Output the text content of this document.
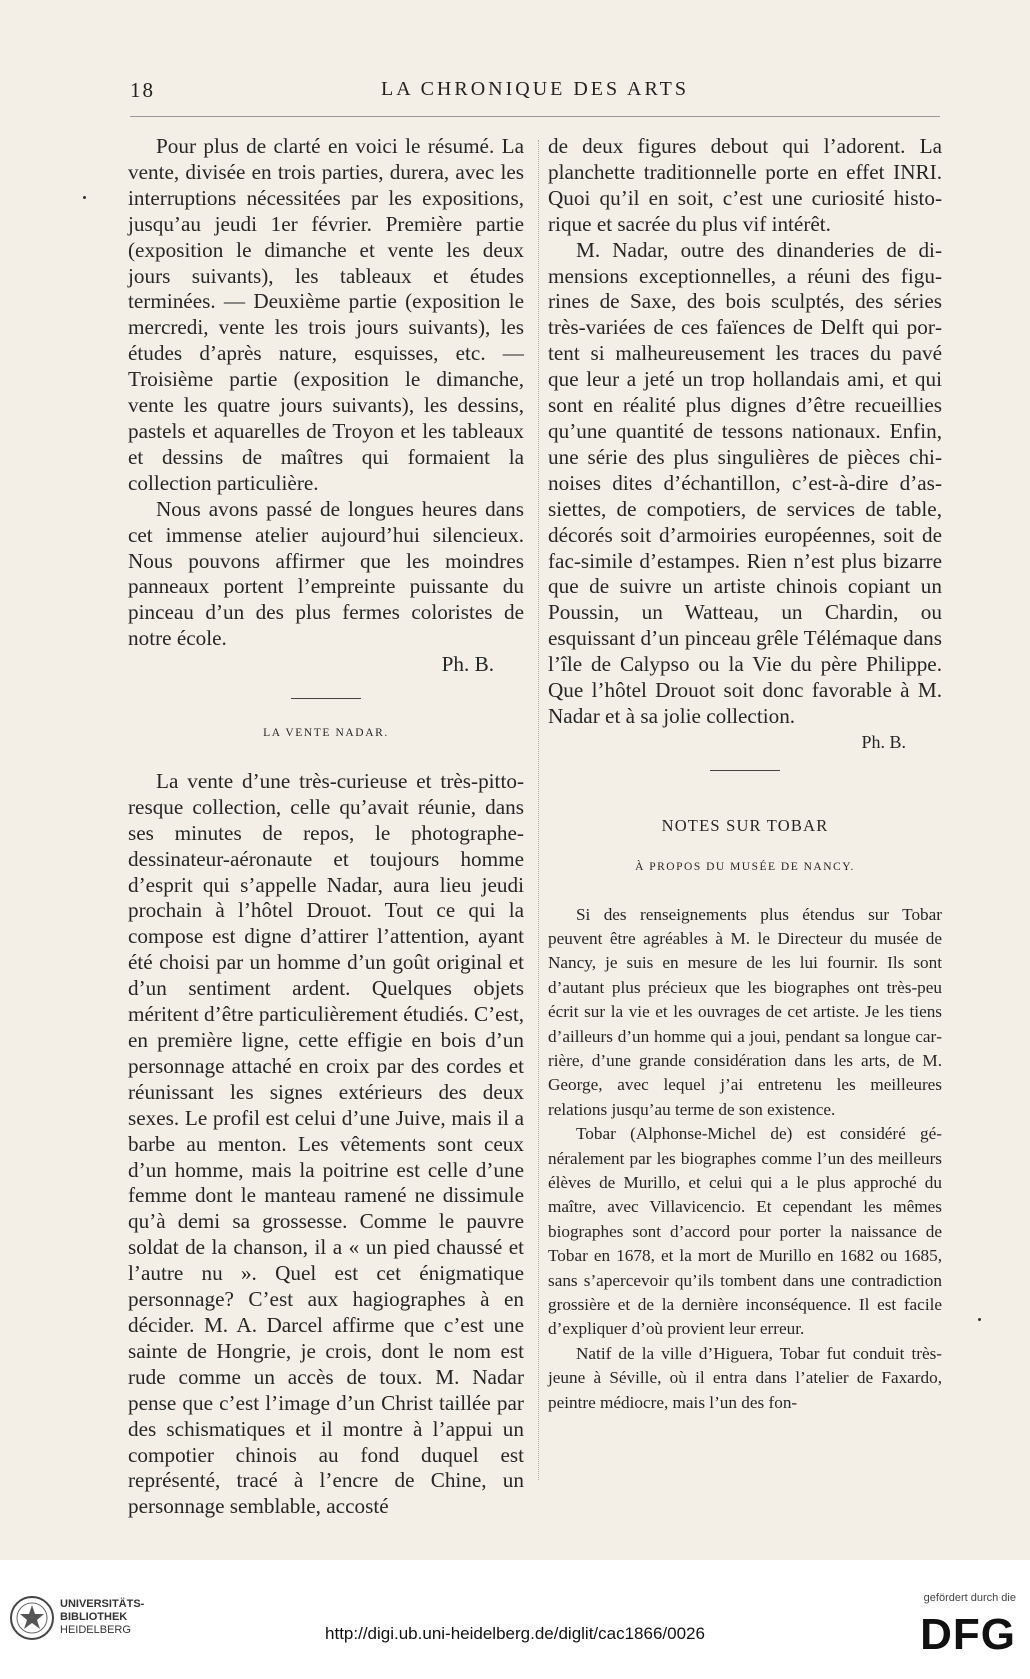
18	LA CHRONIQUE DES ARTS

Pour plus de clarté en voici le résumé. La vente, divisée en trois parties, durera, avec les interruptions nécessitées par les expositions, jusqu’au jeudi 1er février. Première partie (exposition le dimanche et vente les deux jours suivants), les tableaux et études terminées. — Deuxième partie (exposition le mercredi, vente les trois jours suivants), les études d’après nature, esquisses, etc. — Troisième partie (exposition le dimanche, vente les quatre jours suivants), les dessins, pastels et aquarelles de Troyon et les tableaux et dessins de maîtres qui formaient la collection particulière.

Nous avons passé de longues heures dans cet immense atelier aujourd’hui silencieux. Nous pouvons affirmer que les moindres panneaux portent l’empreinte puissante du pinceau d’un des plus fermes coloristes de notre école.

Ph. B.

LA VENTE NADAR.

La vente d’une très-curieuse et très-pittoresque collection, celle qu’avait réunie, dans ses minutes de repos, le photographe-dessinateur-aéronaute et toujours homme d’esprit qui s’appelle Nadar, aura lieu jeudi prochain à l’hôtel Drouot. Tout ce qui la compose est digne d’attirer l’attention, ayant été choisi par un homme d’un goût original et d’un sentiment ardent. Quelques objets méritent d’être particulièrement étudiés. C’est, en première ligne, cette effigie en bois d’un personnage attaché en croix par des cordes et réunissant les signes extérieurs des deux sexes. Le profil est celui d’une Juive, mais il a barbe au menton. Les vêtements sont ceux d’un homme, mais la poitrine est celle d’une femme dont le manteau ramené ne dissimule qu’à demi sa grossesse. Comme le pauvre soldat de la chanson, il a « un pied chaussé et l’autre nu ». Quel est cet énigmatique personnage? C’est aux hagiographes à en décider. M. A. Darcel affirme que c’est une sainte de Hongrie, je crois, dont le nom est rude comme un accès de toux. M. Nadar pense que c’est l’image d’un Christ taillée par des schismatiques et il montre à l’appui un compotier chinois au fond duquel est représenté, tracé à l’encre de Chine, un personnage semblable, accosté

de deux figures debout qui l’adorent. La planchette traditionnelle porte en effet INRI. Quoi qu’il en soit, c’est une curiosité historique et sacrée du plus vif intérêt.

M. Nadar, outre des dinanderies de dimensions exceptionnelles, a réuni des figurines de Saxe, des bois sculptés, des séries très-variées de ces faïences de Delft qui portent si malheureusement les traces du pavé que leur a jeté un trop hollandais ami, et qui sont en réalité plus dignes d’être recueillies qu’une quantité de tessons nationaux. Enfin, une série des plus singulières de pièces chinoises dites d’échantillon, c’est-à-dire d’assiettes, de compotiers, de services de table, décorés soit d’armoiries européennes, soit de fac-simile d’estampes. Rien n’est plus bizarre que de suivre un artiste chinois copiant un Poussin, un Watteau, un Chardin, ou esquissant d’un pinceau grêle Télémaque dans l’île de Calypso ou la Vie du père Philippe. Que l’hôtel Drouot soit donc favorable à M. Nadar et à sa jolie collection.

Ph. B.

NOTES SUR TOBAR
À PROPOS DU MUSÉE DE NANCY.

Si des renseignements plus étendus sur Tobar peuvent être agréables à M. le Directeur du musée de Nancy, je suis en mesure de les lui fournir. Ils sont d’autant plus précieux que les biographes ont très-peu écrit sur la vie et les ouvrages de cet artiste. Je les tiens d’ailleurs d’un homme qui a joui, pendant sa longue carrière, d’une grande considération dans les arts, de M. George, avec lequel j’ai entretenu les meilleures relations jusqu’au terme de son existence.

Tobar (Alphonse-Michel de) est considéré généralement par les biographes comme l’un des meilleurs élèves de Murillo, et celui qui a le plus approché du maître, avec Villavicencio. Et cependant les mêmes biographes sont d’accord pour porter la naissance de Tobar en 1678, et la mort de Murillo en 1682 ou 1685, sans s’apercevoir qu’ils tombent dans une contradiction grossière et de la dernière inconséquence. Il est facile d’expliquer d’où provient leur erreur.

Natif de la ville d’Higuera, Tobar fut conduit très-jeune à Séville, où il entra dans l’atelier de Faxardo, peintre médiocre, mais l’un des fon-

UNIVERSITÄTS-
BIBLIOTHEK
HEIDELBERG	http://digi.ub.uni-heidelberg.de/diglit/cac1866/0026
gefördert durch die
DFG
